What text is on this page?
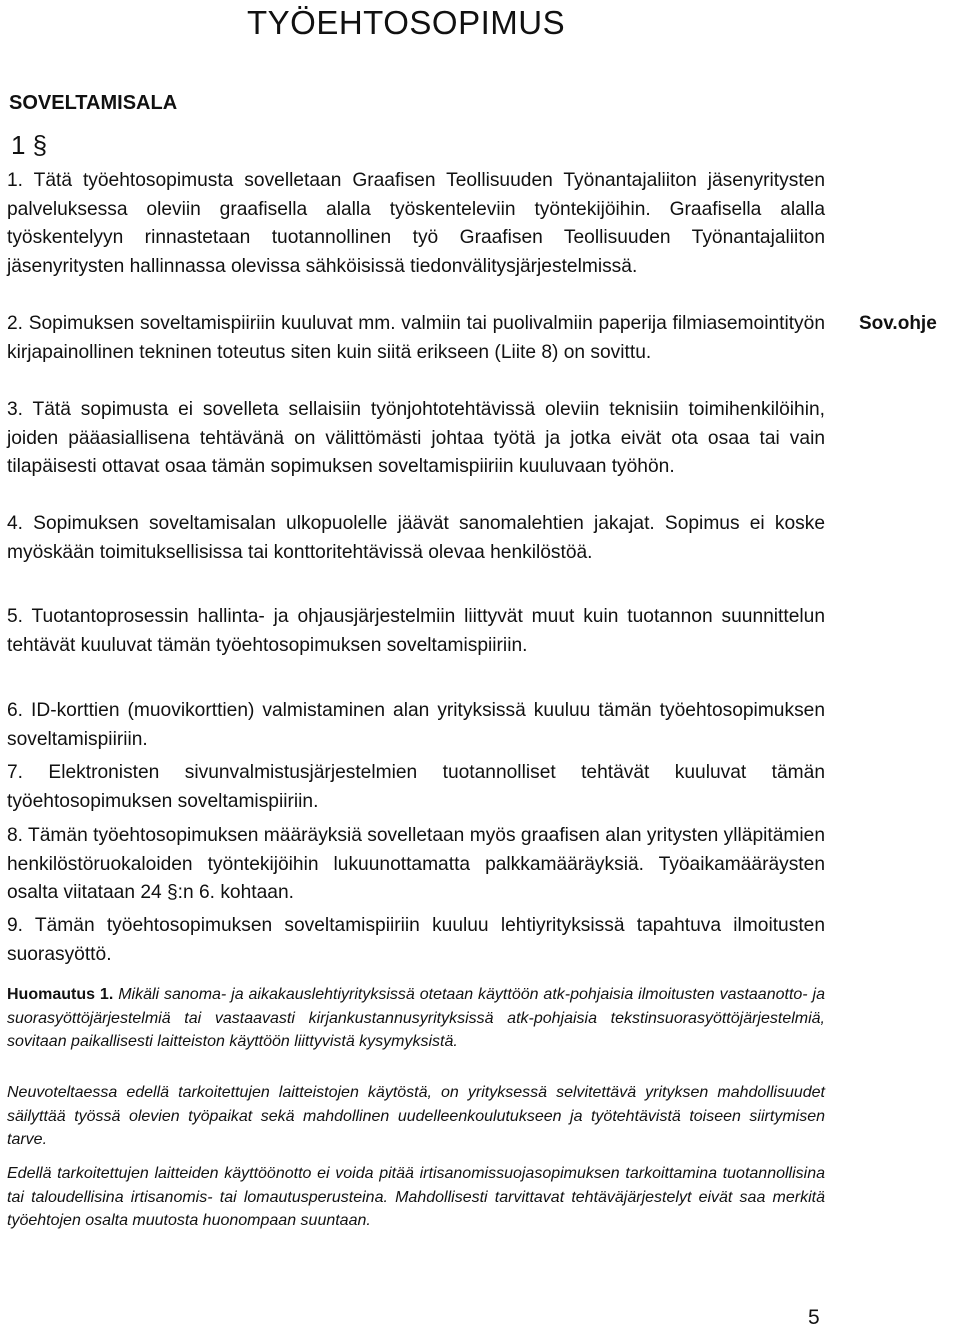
TYÖEHTOSOPIMUS
SOVELTAMISALA
1 §

1. Tätä työehtosopimusta sovelletaan Graafisen Teollisuuden Työnantajaliiton jäsenyritysten palveluksessa oleviin graafisella alalla työskenteleviin työntekijöihin. Graafisella alalla työskentelyyn rinnastetaan tuotannollinen työ Graafisen Teollisuuden Työnantajaliiton jäsenyritysten hallinnassa olevissa sähköisissä tiedonvälitysjärjestelmissä.

2. Sopimuksen soveltamispiiriin kuuluvat mm. valmiin tai puolivalmiin paperija filmiasemointityön kirjapainollinen tekninen toteutus siten kuin siitä erikseen (Liite 8) on sovittu.

Sov.ohje

3. Tätä sopimusta ei sovelleta sellaisiin työnjohtotehtävissä oleviin teknisiin toimihenkilöihin, joiden pääasiallisena tehtävänä on välittömästi johtaa työtä ja jotka eivät ota osaa tai vain tilapäisesti ottavat osaa tämän sopimuksen soveltamispiiriin kuuluvaan työhön.

4. Sopimuksen soveltamisalan ulkopuolelle jäävät sanomalehtien jakajat. Sopimus ei koske myöskään toimituksellisissa tai konttoritehtävissä olevaa henkilöstöä.

5. Tuotantoprosessin hallinta- ja ohjausjärjestelmiin liittyvät muut kuin tuotannon suunnittelun tehtävät kuuluvat tämän työehtosopimuksen soveltamispiiriin.

6. ID-korttien (muovikorttien) valmistaminen alan yrityksissä kuuluu tämän työehtosopimuksen soveltamispiiriin.

7. Elektronisten sivunvalmistusjärjestelmien tuotannolliset tehtävät kuuluvat tämän työehtosopimuksen soveltamispiiriin.

8. Tämän työehtosopimuksen määräyksiä sovelletaan myös graafisen alan yritysten ylläpitämien henkilöstöruokaloiden työntekijöihin lukuunottamatta palkkamääräyksiä. Työaikamääräysten osalta viitataan 24 §:n 6. kohtaan.

9. Tämän työehtosopimuksen soveltamispiiriin kuuluu lehtiyrityksissä tapahtuva ilmoitusten suorasyöttö.

Huomautus 1. Mikäli sanoma- ja aikakauslehtiyrityksissä otetaan käyttöön atk-pohjaisia ilmoitusten vastaanotto- ja suorasyöttöjärjestelmiä tai vastaavasti kirjankustannusyrityksissä atk-pohjaisia tekstinsuorasyöttöjärjestelmiä, sovitaan paikallisesti laitteiston käyttöön liittyvistä kysymyksistä.

Neuvoteltaessa edellä tarkoitettujen laitteistojen käytöstä, on yrityksessä selvitettävä yrityksen mahdollisuudet säilyttää työssä olevien työpaikat sekä mahdollinen uudelleenkoulutukseen ja työtehtävistä toiseen siirtymisen tarve.

Edellä tarkoitettujen laitteiden käyttöönotto ei voida pitää irtisanomissuojasopimuksen tarkoittamina tuotannollisina tai taloudellisina irtisanomis- tai lomautusperusteina. Mahdollisesti tarvittavat tehtäväjärjestelyt eivät saa merkitä työehtojen osalta muutosta huonompaan suuntaan.

5
